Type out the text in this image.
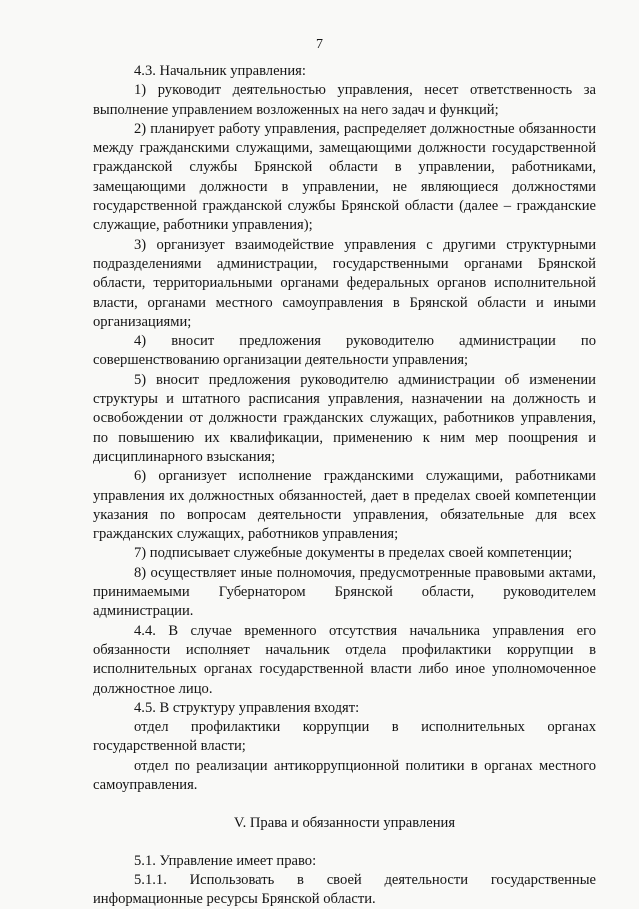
7

4.3. Начальник управления:

1) руководит деятельностью управления, несет ответственность за выполнение управлением возложенных на него задач и функций;

2) планирует работу управления, распределяет должностные обязанности между гражданскими служащими, замещающими должности государственной гражданской службы Брянской области в управлении, работниками, замещающими должности в управлении, не являющиеся должностями государственной гражданской службы Брянской области (далее – гражданские служащие, работники управления);

3) организует взаимодействие управления с другими структурными подразделениями администрации, государственными органами Брянской области, территориальными органами федеральных органов исполнительной власти, органами местного самоуправления в Брянской области и иными организациями;

4) вносит предложения руководителю администрации по совершенствованию организации деятельности управления;

5) вносит предложения руководителю администрации об изменении структуры и штатного расписания управления, назначении на должность и освобождении от должности гражданских служащих, работников управления, по повышению их квалификации, применению к ним мер поощрения и дисциплинарного взыскания;

6) организует исполнение гражданскими служащими, работниками управления их должностных обязанностей, дает в пределах своей компетенции указания по вопросам деятельности управления, обязательные для всех гражданских служащих, работников управления;

7) подписывает служебные документы в пределах своей компетенции;

8) осуществляет иные полномочия, предусмотренные правовыми актами, принимаемыми Губернатором Брянской области, руководителем администрации.

4.4. В случае временного отсутствия начальника управления его обязанности исполняет начальник отдела профилактики коррупции в исполнительных органах государственной власти либо иное уполномоченное должностное лицо.

4.5. В структуру управления входят:

отдел профилактики коррупции в исполнительных органах государственной власти;

отдел по реализации антикоррупционной политики в органах местного самоуправления.

V. Права и обязанности управления

5.1. Управление имеет право:

5.1.1. Использовать в своей деятельности государственные информационные ресурсы Брянской области.
